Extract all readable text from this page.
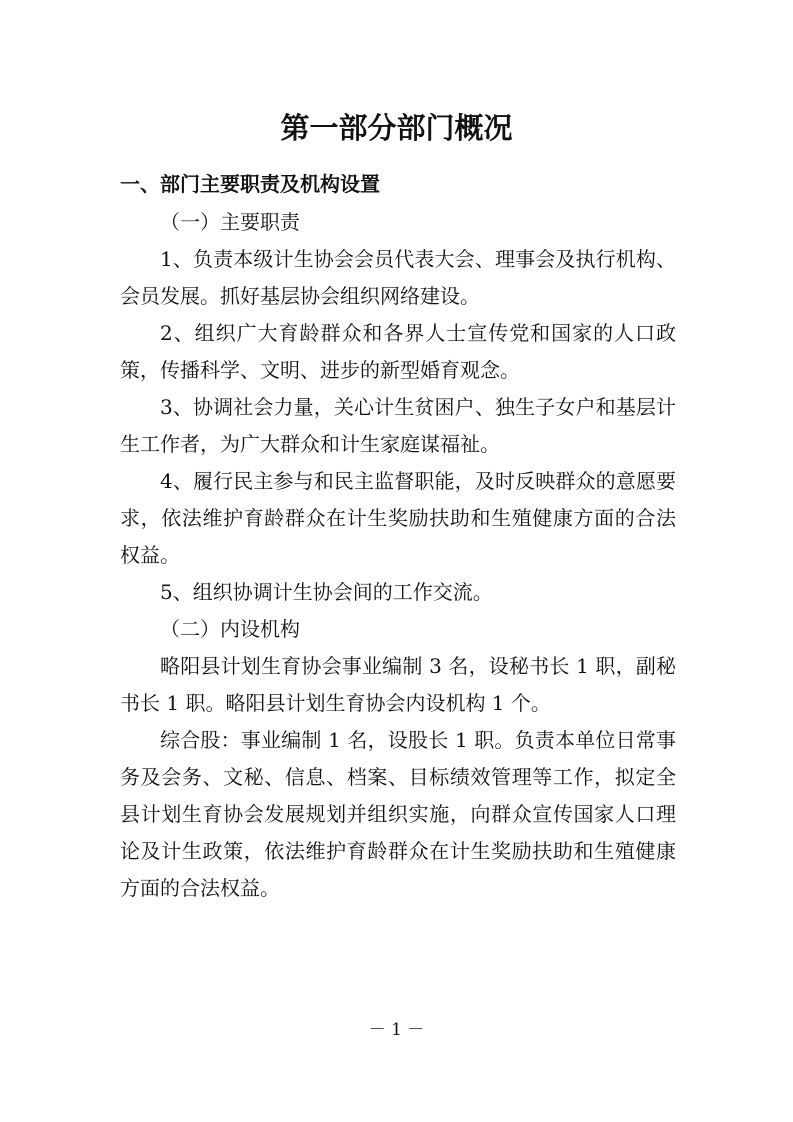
第一部分部门概况
一、部门主要职责及机构设置

（一）主要职责

1、负责本级计生协会会员代表大会、理事会及执行机构、会员发展。抓好基层协会组织网络建设。

2、组织广大育龄群众和各界人士宣传党和国家的人口政策，传播科学、文明、进步的新型婚育观念。

3、协调社会力量，关心计生贫困户、独生子女户和基层计生工作者，为广大群众和计生家庭谋福祉。

4、履行民主参与和民主监督职能，及时反映群众的意愿要求，依法维护育龄群众在计生奖励扶助和生殖健康方面的合法权益。

5、组织协调计生协会间的工作交流。

（二）内设机构

略阳县计划生育协会事业编制 3 名，设秘书长 1 职，副秘书长 1 职。略阳县计划生育协会内设机构 1 个。

综合股：事业编制 1 名，设股长 1 职。负责本单位日常事务及会务、文秘、信息、档案、目标绩效管理等工作，拟定全县计划生育协会发展规划并组织实施，向群众宣传国家人口理论及计生政策，依法维护育龄群众在计生奖励扶助和生殖健康方面的合法权益。

－ 1 －
